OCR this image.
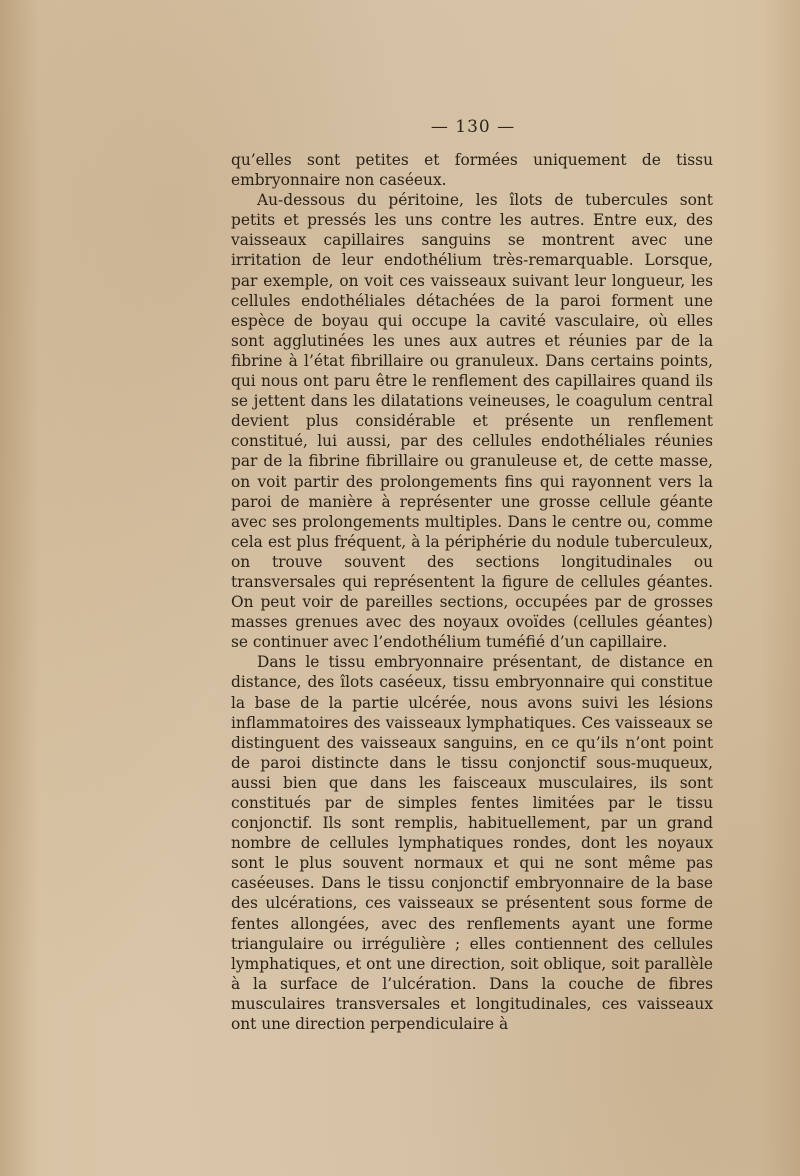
— 130 —

qu’elles sont petites et formées uniquement de tissu embryonnaire non caséeux.

Au-dessous du péritoine, les îlots de tubercules sont petits et pressés les uns contre les autres. Entre eux, des vaisseaux capillaires sanguins se montrent avec une irritation de leur endothélium très-remarquable. Lorsque, par exemple, on voit ces vaisseaux suivant leur longueur, les cellules endothéliales détachées de la paroi forment une espèce de boyau qui occupe la cavité vasculaire, où elles sont agglutinées les unes aux autres et réunies par de la fibrine à l’état fibrillaire ou granuleux. Dans certains points, qui nous ont paru être le renflement des capillaires quand ils se jettent dans les dilatations veineuses, le coagulum central devient plus considérable et présente un renflement constitué, lui aussi, par des cellules endothéliales réunies par de la fibrine fibrillaire ou granuleuse et, de cette masse, on voit partir des prolongements fins qui rayonnent vers la paroi de manière à représenter une grosse cellule géante avec ses prolongements multiples. Dans le centre ou, comme cela est plus fréquent, à la périphérie du nodule tuberculeux, on trouve souvent des sections longitudinales ou transversales qui représentent la figure de cellules géantes. On peut voir de pareilles sections, occupées par de grosses masses grenues avec des noyaux ovoïdes (cellules géantes) se continuer avec l’endothélium tuméfié d’un capillaire.

Dans le tissu embryonnaire présentant, de distance en distance, des îlots caséeux, tissu embryonnaire qui constitue la base de la partie ulcérée, nous avons suivi les lésions inflammatoires des vaisseaux lymphatiques. Ces vaisseaux se distinguent des vaisseaux sanguins, en ce qu’ils n’ont point de paroi distincte dans le tissu conjonctif sous-muqueux, aussi bien que dans les faisceaux musculaires, ils sont constitués par de simples fentes limitées par le tissu conjonctif. Ils sont remplis, habituellement, par un grand nombre de cellules lymphatiques rondes, dont les noyaux sont le plus souvent normaux et qui ne sont même pas caséeuses. Dans le tissu conjonctif embryonnaire de la base des ulcérations, ces vaisseaux se présentent sous forme de fentes allongées, avec des renflements ayant une forme triangulaire ou irrégulière ; elles contiennent des cellules lymphatiques, et ont une direction, soit oblique, soit parallèle à la surface de l’ulcération. Dans la couche de fibres musculaires transversales et longitudinales, ces vaisseaux ont une direction perpendiculaire à
